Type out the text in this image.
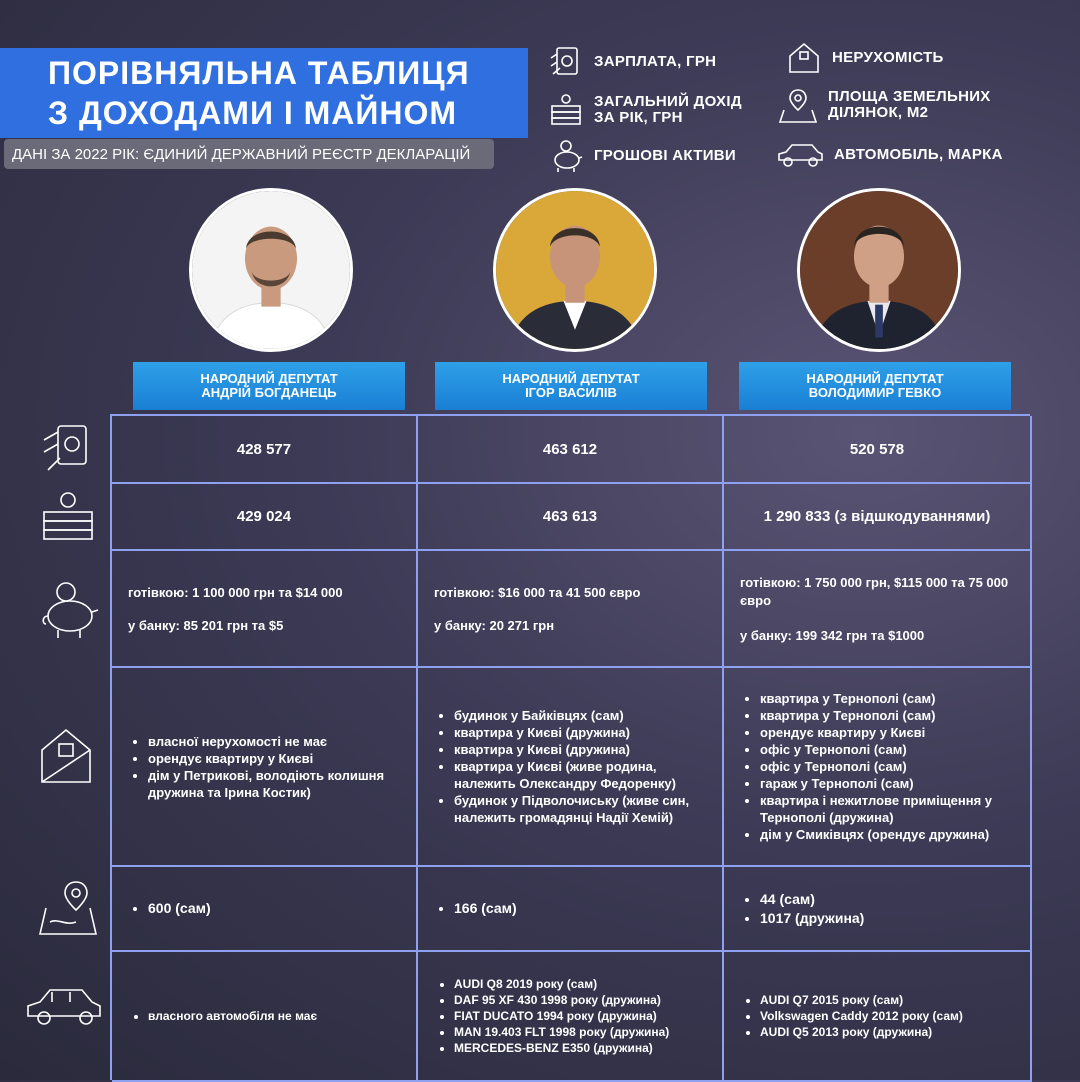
ПОРІВНЯЛЬНА ТАБЛИЦЯ
З ДОХОДАМИ І МАЙНОМ
ДАНІ ЗА 2022 РІК: ЄДИНИЙ ДЕРЖАВНИЙ РЕЄСТР ДЕКЛАРАЦІЙ
ЗАРПЛАТА, ГРН
ЗАГАЛЬНИЙ ДОХІД
ЗА РІК, ГРН
ГРОШОВІ АКТИВИ
НЕРУХОМІСТЬ
ПЛОЩА ЗЕМЕЛЬНИХ
ДІЛЯНОК, М2
АВТОМОБІЛЬ, МАРКА
НАРОДНИЙ ДЕПУТАТ
АНДРІЙ БОГДАНЕЦЬ
НАРОДНИЙ ДЕПУТАТ
ІГОР ВАСИЛІВ
НАРОДНИЙ ДЕПУТАТ
ВОЛОДИМИР ГЕВКО
428 577	463 612	520 578
429 024	463 613	1 290 833 (з відшкодуваннями)
готівкою: 1 100 000 грн та $14 000
у банку: 85 201 грн та $5
готівкою: $16 000 та 41 500 євро
у банку: 20 271 грн
готівкою: 1 750 000 грн, $115 000 та 75 000 євро
у банку: 199 342 грн та $1000
• власної нерухомості не має
• орендує квартиру у Києві
• дім у Петрикові, володіють колишня дружина та Ірина Костик)
• будинок у Байківцях (сам)
• квартира у Києві (дружина)
• квартира у Києві (дружина)
• квартира у Києві (живе родина, належить Олександру Федоренку)
• будинок у Підволочиську (живе син, належить громадянці Надії Хемій)
• квартира у Тернополі (сам)
• квартира у Тернополі (сам)
• орендує квартиру у Києві
• офіс у Тернополі (сам)
• офіс у Тернополі (сам)
• гараж у Тернополі (сам)
• квартира і нежитлове приміщення у Тернополі (дружина)
• дім у Смиківцях (орендує дружина)
• 600 (сам)
•	166 (сам)
• 44 (сам)
• 1017 (дружина)
• власного автомобіля не має
• AUDI Q8 2019 року (сам)
• DAF 95 XF 430 1998 року (дружина)
• FIAT DUCATO 1994 року (дружина)
• MAN 19.403 FLT 1998 року (дружина)
• MERCEDES-BENZ E350 (дружина)
• AUDI Q7 2015 року (сам)
• Volkswagen Caddy 2012 року (сам)
• AUDI Q5 2013 року (дружина)
